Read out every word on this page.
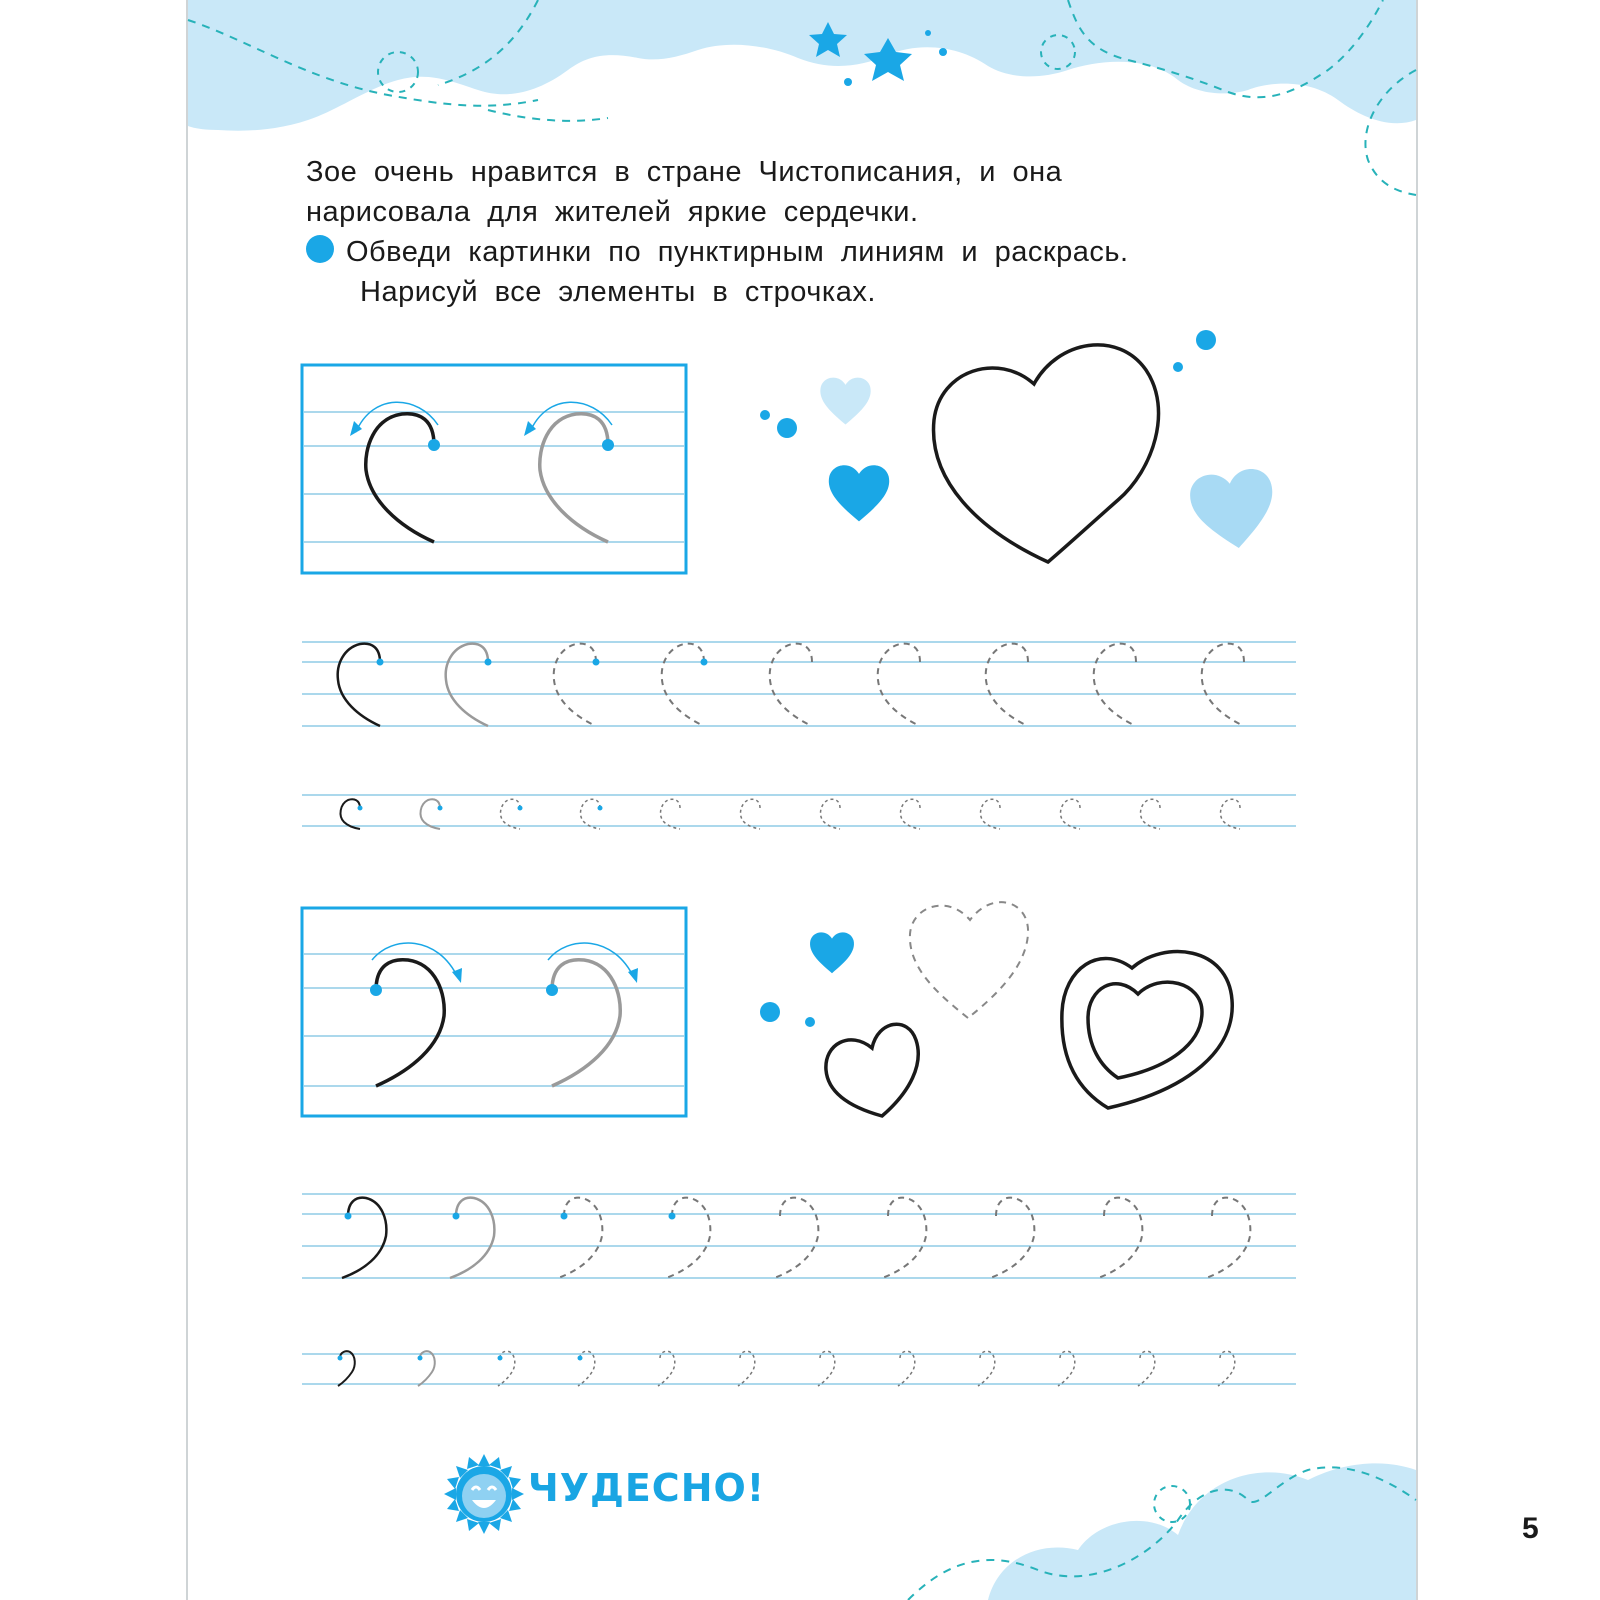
Зое очень нравится в стране Чистописания, и она
нарисовала для жителей яркие сердечки.
Обведи картинки по пунктирным линиям и раскрась.
Нарисуй все элементы в строчках.
ЧУДЕСНО!
5
